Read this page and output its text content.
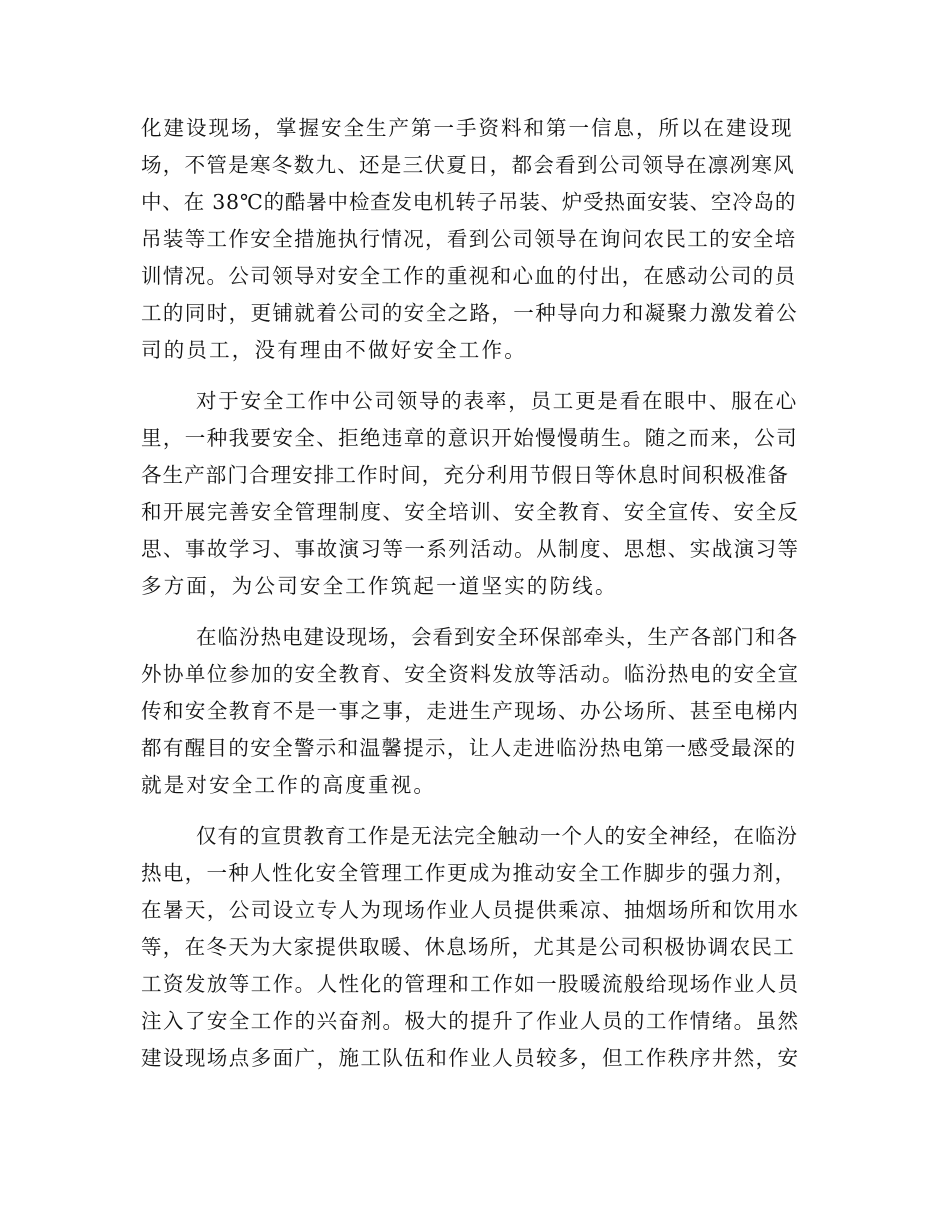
化建设现场，掌握安全生产第一手资料和第一信息，所以在建设现

场，不管是寒冬数九、还是三伏夏日，都会看到公司领导在凛冽寒风

中、在 38℃的酷暑中检查发电机转子吊装、炉受热面安装、空冷岛的

吊装等工作安全措施执行情况，看到公司领导在询问农民工的安全培

训情况。公司领导对安全工作的重视和心血的付出，在感动公司的员

工的同时，更铺就着公司的安全之路，一种导向力和凝聚力激发着公

司的员工，没有理由不做好安全工作。

对于安全工作中公司领导的表率，员工更是看在眼中、服在心

里，一种我要安全、拒绝违章的意识开始慢慢萌生。随之而来，公司

各生产部门合理安排工作时间，充分利用节假日等休息时间积极准备

和开展完善安全管理制度、安全培训、安全教育、安全宣传、安全反

思、事故学习、事故演习等一系列活动。从制度、思想、实战演习等

多方面，为公司安全工作筑起一道坚实的防线。

在临汾热电建设现场，会看到安全环保部牵头，生产各部门和各

外协单位参加的安全教育、安全资料发放等活动。临汾热电的安全宣

传和安全教育不是一事之事，走进生产现场、办公场所、甚至电梯内

都有醒目的安全警示和温馨提示，让人走进临汾热电第一感受最深的

就是对安全工作的高度重视。

仅有的宣贯教育工作是无法完全触动一个人的安全神经，在临汾

热电，一种人性化安全管理工作更成为推动安全工作脚步的强力剂，

在暑天，公司设立专人为现场作业人员提供乘凉、抽烟场所和饮用水

等，在冬天为大家提供取暖、休息场所，尤其是公司积极协调农民工

工资发放等工作。人性化的管理和工作如一股暖流般给现场作业人员

注入了安全工作的兴奋剂。极大的提升了作业人员的工作情绪。虽然

建设现场点多面广，施工队伍和作业人员较多，但工作秩序井然，安
